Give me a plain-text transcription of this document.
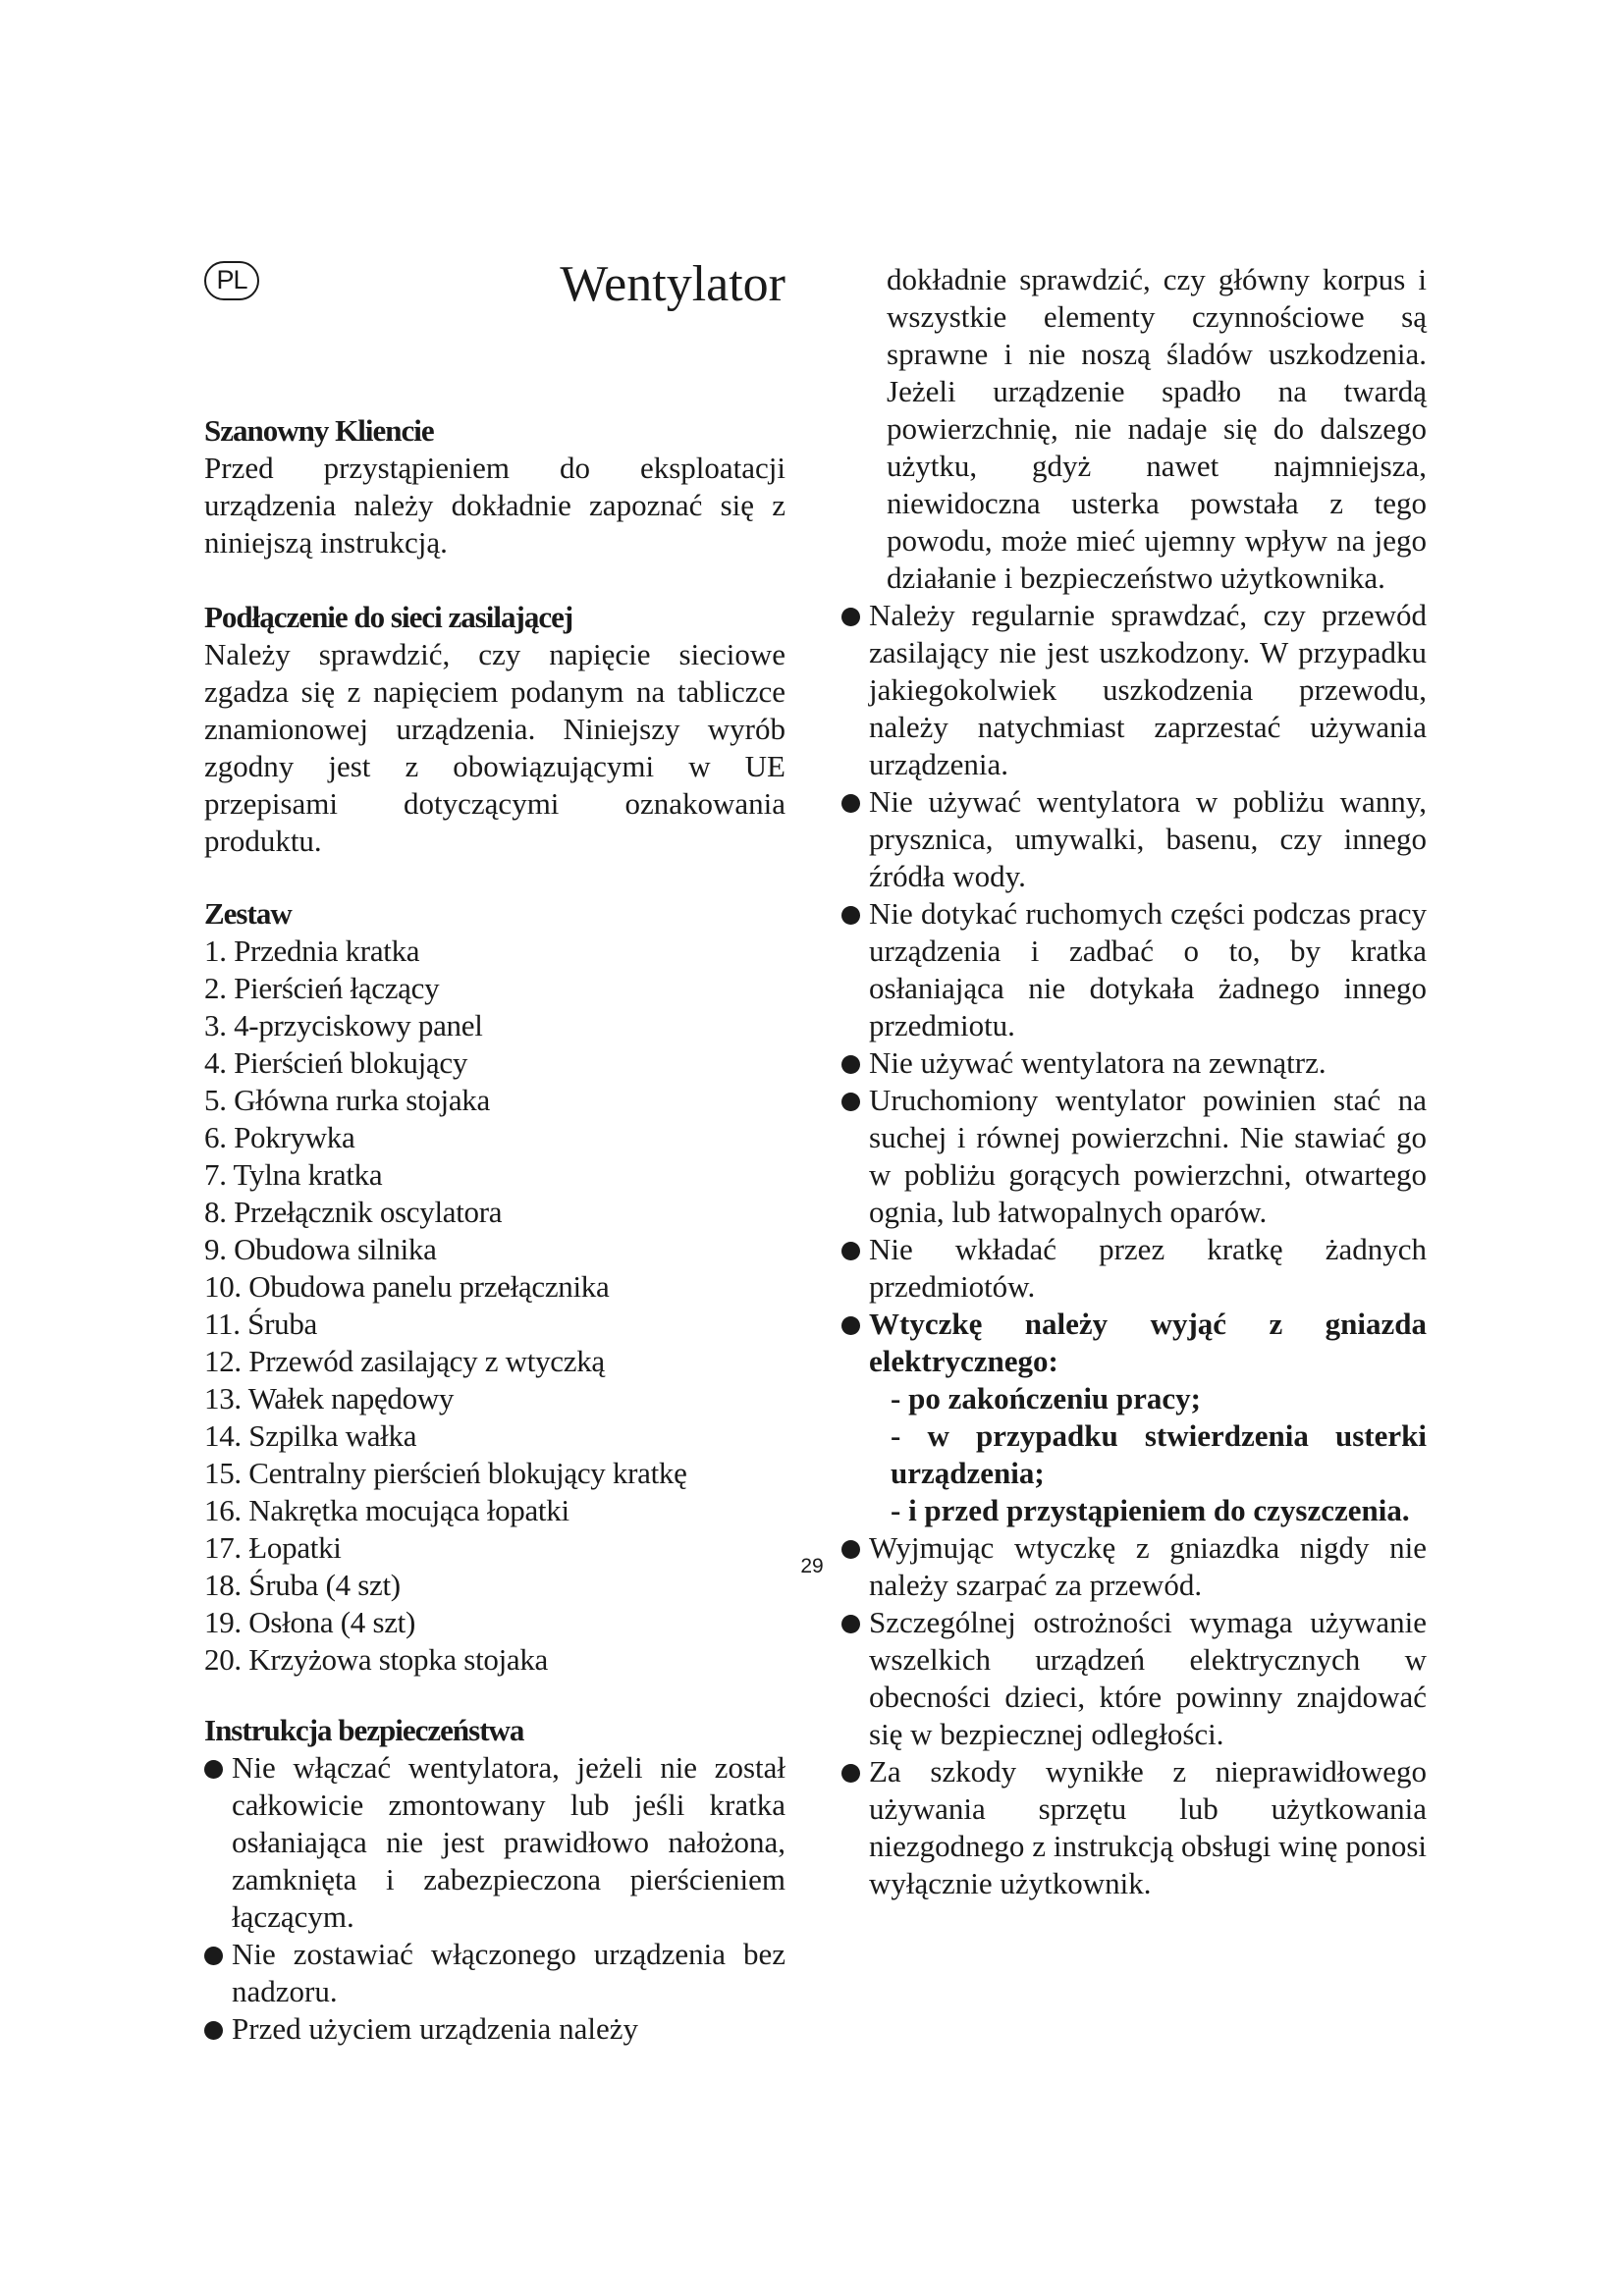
PL	Wentylator

Szanowny Kliencie

Przed przystąpieniem do eksploatacji urządzenia należy dokładnie zapoznać się z niniejszą instrukcją.

Podłączenie do sieci zasilającej

Należy sprawdzić, czy napięcie sieciowe zgadza się z napięciem podanym na tabliczce znamionowej urządzenia. Niniejszy wyrób zgodny jest z obowiązującymi w UE przepisami dotyczącymi oznakowania produktu.

Zestaw

1. Przednia kratka
2. Pierścień łączący
3. 4-przyciskowy panel
4. Pierścień blokujący
5. Główna rurka stojaka
6. Pokrywka
7. Tylna kratka
8. Przełącznik oscylatora
9. Obudowa silnika
10. Obudowa panelu przełącznika
11. Śruba
12. Przewód zasilający z wtyczką
13. Wałek napędowy
14. Szpilka wałka
15. Centralny pierścień blokujący kratkę
16. Nakrętka mocująca łopatki
17. Łopatki
18. Śruba (4 szt)
19. Osłona (4 szt)
20. Krzyżowa stopka stojaka

Instrukcja bezpieczeństwa

Nie włączać wentylatora, jeżeli nie został całkowicie zmontowany lub jeśli kratka osłaniająca nie jest prawidłowo nałożona, zamknięta i zabezpieczona pierścieniem łączącym.
Nie zostawiać włączonego urządzenia bez nadzoru.
Przed użyciem urządzenia należy

dokładnie sprawdzić, czy główny korpus i wszystkie elementy czynnościowe są sprawne i nie noszą śladów uszkodzenia. Jeżeli urządzenie spadło na twardą powierzchnię, nie nadaje się do dalszego użytku, gdyż nawet najmniejsza, niewidoczna usterka powstała z tego powodu, może mieć ujemny wpływ na jego działanie i bezpieczeństwo użytkownika.

Należy regularnie sprawdzać, czy przewód zasilający nie jest uszkodzony. W przypadku jakiegokolwiek uszkodzenia przewodu, należy natychmiast zaprzestać używania urządzenia.
Nie używać wentylatora w pobliżu wanny, prysznica, umywalki, basenu, czy innego źródła wody.
Nie dotykać ruchomych części podczas pracy urządzenia i zadbać o to, by kratka osłaniająca nie dotykała żadnego innego przedmiotu.
Nie używać wentylatora na zewnątrz.
Uruchomiony wentylator powinien stać na suchej i równej powierzchni. Nie stawiać go w pobliżu gorących powierzchni, otwartego ognia, lub łatwopalnych oparów.
Nie wkładać przez kratkę żadnych przedmiotów.
Wtyczkę należy wyjąć z gniazda elektrycznego:
- po zakończeniu pracy;
- w przypadku stwierdzenia usterki urządzenia;
- i przed przystąpieniem do czyszczenia.
Wyjmując wtyczkę z gniazdka nigdy nie należy szarpać za przewód.
Szczególnej ostrożności wymaga używanie wszelkich urządzeń elektrycznych w obecności dzieci, które powinny znajdować się w bezpiecznej odległości.
Za szkody wynikłe z nieprawidłowego używania sprzętu lub użytkowania niezgodnego z instrukcją obsługi winę ponosi wyłącznie użytkownik.
29
